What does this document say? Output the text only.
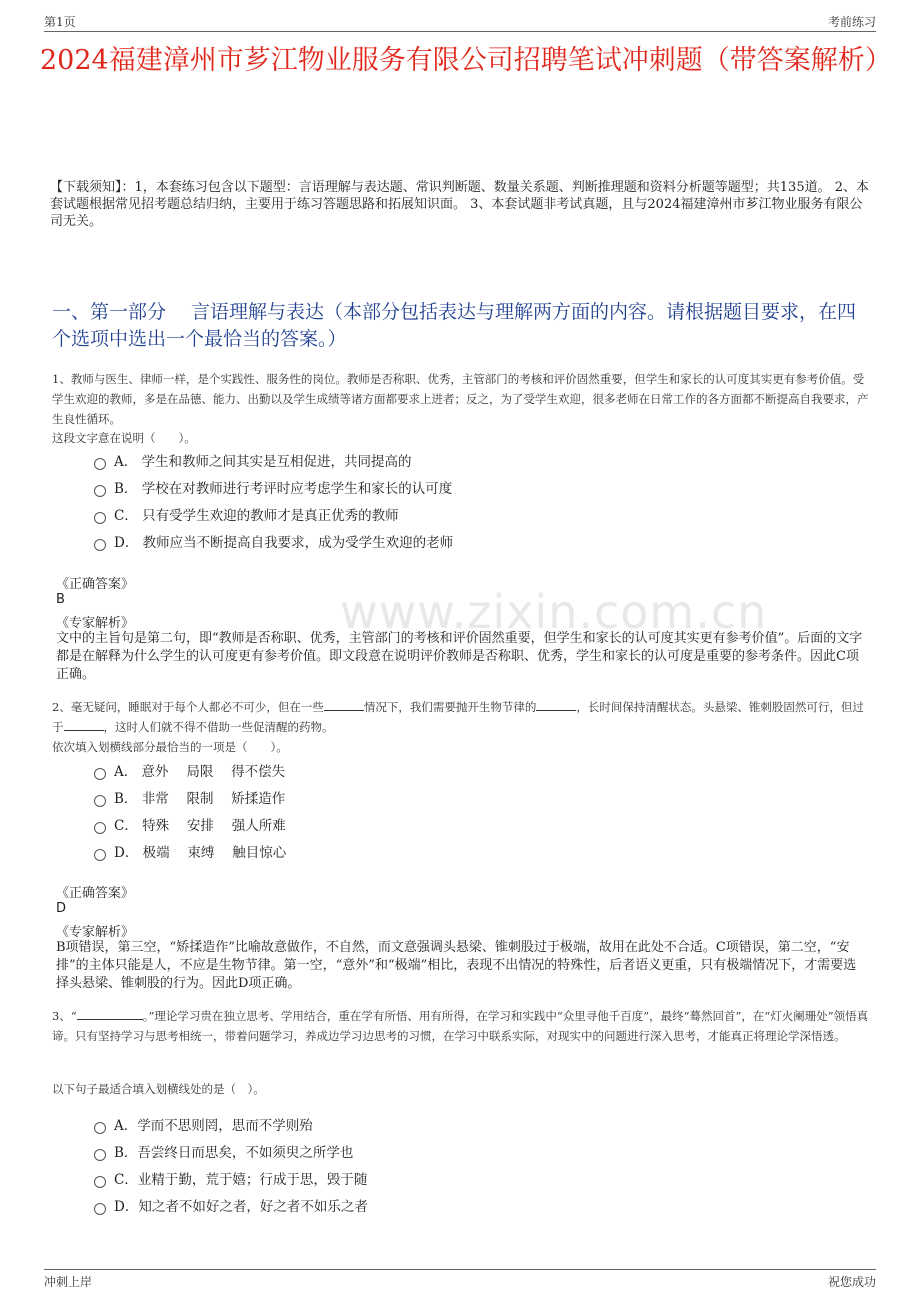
第1页	考前练习
2024福建漳州市芗江物业服务有限公司招聘笔试冲刺题（带答案解析）
【下载须知】：1，本套练习包含以下题型：言语理解与表达题、常识判断题、数量关系题、判断推理题和资料分析题等题型；共135道。 2、本套试题根据常见招考题总结归纳，主要用于练习答题思路和拓展知识面。 3、本套试题非考试真题，且与2024福建漳州市芗江物业服务有限公司无关。
一、第一部分　 言语理解与表达（本部分包括表达与理解两方面的内容。请根据题目要求，在四个选项中选出一个最恰当的答案。）
www.zixin.com.cn
1、教师与医生、律师一样，是个实践性、服务性的岗位。教师是否称职、优秀，主管部门的考核和评价固然重要，但学生和家长的认可度其实更有参考价值。受学生欢迎的教师，多是在品德、能力、出勤以及学生成绩等诸方面都要求上进者；反之，为了受学生欢迎，很多老师在日常工作的各方面都不断提高自我要求，产生良性循环。
这段文字意在说明（　　）。
A． 学生和教师之间其实是互相促进，共同提高的
B． 学校在对教师进行考评时应考虑学生和家长的认可度
C． 只有受学生欢迎的教师才是真正优秀的教师
D． 教师应当不断提高自我要求，成为受学生欢迎的老师
《正确答案》
B
《专家解析》
文中的主旨句是第二句，即“教师是否称职、优秀，主管部门的考核和评价固然重要，但学生和家长的认可度其实更有参考价值”。后面的文字都是在解释为什么学生的认可度更有参考价值。即文段意在说明评价教师是否称职、优秀，学生和家长的认可度是重要的参考条件。因此C项正确。
2、毫无疑问，睡眠对于每个人都必不可少，但在一些	情况下，我们需要抛开生物节律的	，长时间保持清醒状态。头悬梁、锥刺股固然可行，但过于	，这时人们就不得不借助一些促清醒的药物。
依次填入划横线部分最恰当的一项是（　　）。
A． 意外　 局限　 得不偿失
B． 非常　 限制　 矫揉造作
C． 特殊　 安排　 强人所难
D． 极端　 束缚　 触目惊心
《正确答案》
D
《专家解析》
B项错误，第三空，“矫揉造作”比喻故意做作，不自然，而文意强调头悬梁、锥刺股过于极端，故用在此处不合适。C项错误，第二空，“安排”的主体只能是人，不应是生物节律。第一空，“意外”和“极端”相比，表现不出情况的特殊性，后者语义更重，只有极端情况下，才需要选择头悬梁、锥刺股的行为。因此D项正确。
3、“	。”理论学习贵在独立思考、学用结合，重在学有所悟、用有所得，在学习和实践中“众里寻他千百度”，最终“蓦然回首”，在“灯火阑珊处”领悟真谛。只有坚持学习与思考相统一，带着问题学习，养成边学习边思考的习惯，在学习中联系实际，对现实中的问题进行深入思考，才能真正将理论学深悟透。
以下句子最适合填入划横线处的是（　）。
A．学而不思则罔，思而不学则殆
B．吾尝终日而思矣，不如须臾之所学也
C．业精于勤，荒于嬉；行成于思，毁于随
D．知之者不如好之者，好之者不如乐之者
冲刺上岸	祝您成功
